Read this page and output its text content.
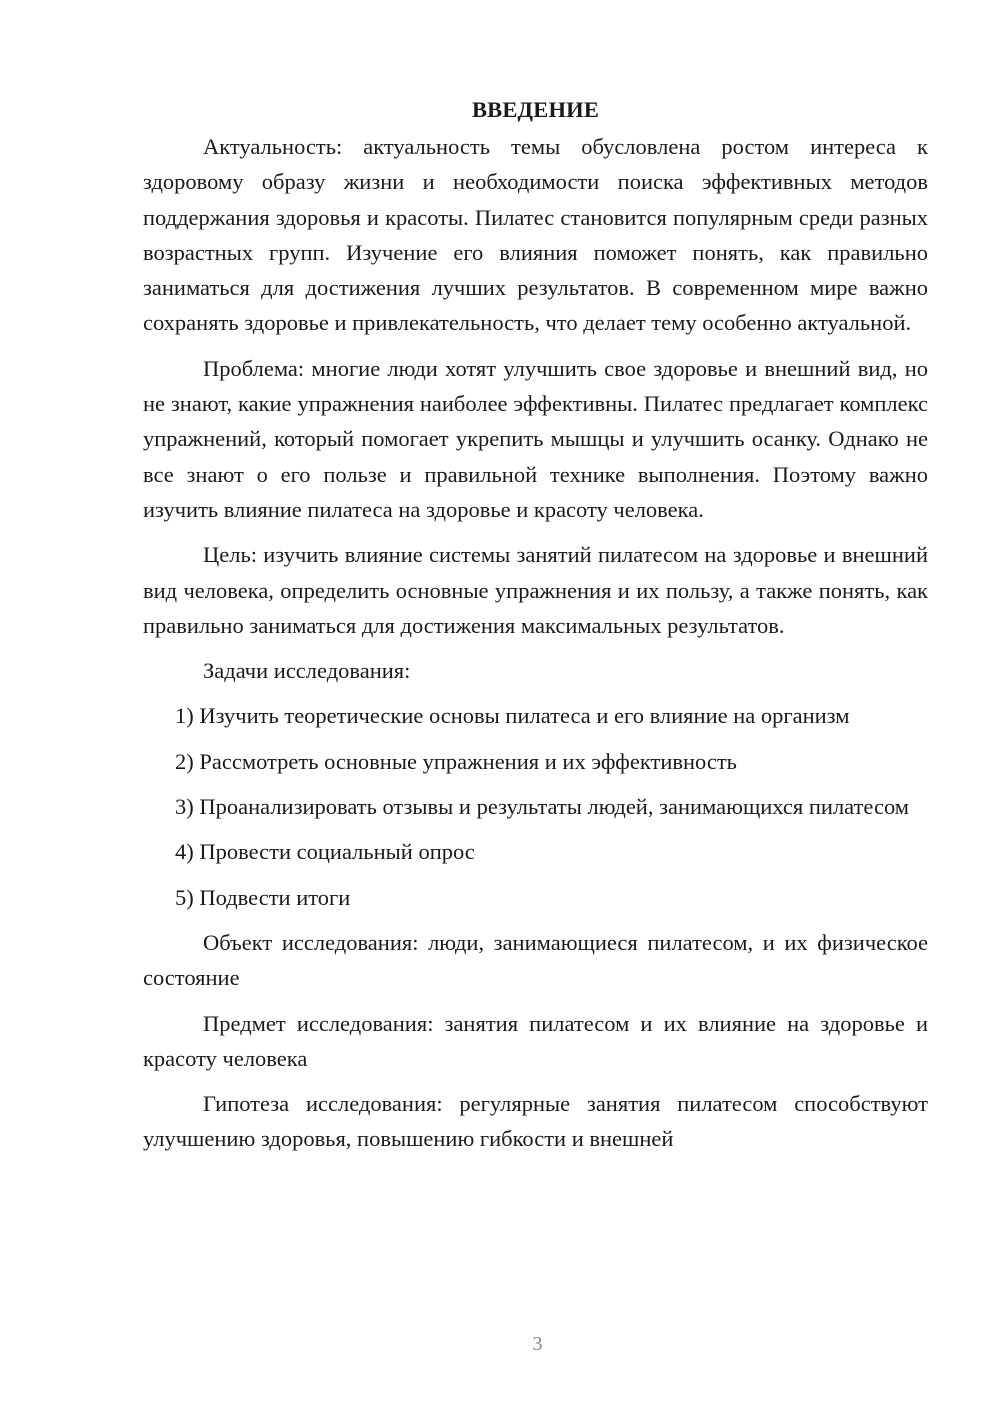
ВВЕДЕНИЕ

Актуальность: актуальность темы обусловлена ростом интереса к здоровому образу жизни и необходимости поиска эффективных методов поддержания здоровья и красоты. Пилатес становится популярным среди разных возрастных групп. Изучение его влияния поможет понять, как правильно заниматься для достижения лучших результатов. В современном мире важно сохранять здоровье и привлекательность, что делает тему особенно актуальной.

Проблема: многие люди хотят улучшить свое здоровье и внешний вид, но не знают, какие упражнения наиболее эффективны. Пилатес предлагает комплекс упражнений, который помогает укрепить мышцы и улучшить осанку. Однако не все знают о его пользе и правильной технике выполнения. Поэтому важно изучить влияние пилатеса на здоровье и красоту человека.

Цель: изучить влияние системы занятий пилатесом на здоровье и внешний вид человека, определить основные упражнения и их пользу, а также понять, как правильно заниматься для достижения максимальных результатов.

Задачи исследования:

1) Изучить теоретические основы пилатеса и его влияние на организм

2) Рассмотреть основные упражнения и их эффективность

3) Проанализировать отзывы и результаты людей, занимающихся пилатесом

4) Провести социальный опрос

5) Подвести итоги

Объект исследования: люди, занимающиеся пилатесом, и их физическое состояние

Предмет исследования: занятия пилатесом и их влияние на здоровье и красоту человека

Гипотеза исследования: регулярные занятия пилатесом способствуют улучшению здоровья, повышению гибкости и внешней

3
